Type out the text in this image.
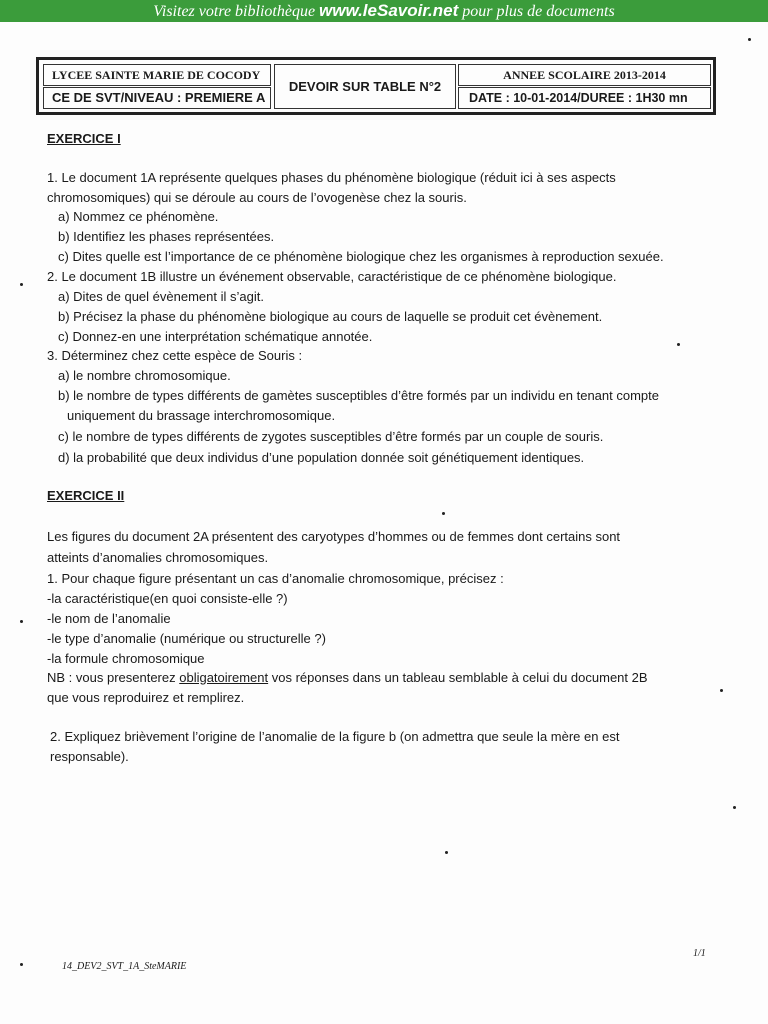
Visitez votre bibliothèque www.leSavoir.net pour plus de documents
LYCEE SAINTE MARIE DE COCODY
CE DE SVT/NIVEAU : PREMIERE A
DEVOIR SUR TABLE N°2
ANNEE SCOLAIRE 2013-2014
DATE : 10-01-2014/DUREE : 1H30 mn
EXERCICE I
1. Le document 1A représente quelques phases du phénomène biologique (réduit ici à ses aspects
chromosomiques) qui se déroule au cours de l’ovogenèse chez la souris.
a) Nommez ce phénomène.
b) Identifiez les phases représentées.
c) Dites quelle est l’importance de ce phénomène biologique chez les organismes à reproduction sexuée.
2. Le document 1B illustre un événement observable, caractéristique de ce phénomène biologique.
a) Dites de quel évènement il s’agit.
b) Précisez la phase du phénomène biologique au cours de laquelle se produit cet évènement.
c) Donnez-en une interprétation schématique annotée.
3. Déterminez chez cette espèce de Souris :
a) le nombre chromosomique.
b) le nombre de types différents de gamètes susceptibles d’être formés par un individu en tenant compte
uniquement du brassage interchromosomique.
c) le nombre de types différents de zygotes susceptibles d’être formés par un couple de souris.
d) la probabilité que deux individus d’une population donnée soit génétiquement identiques.
EXERCICE II
Les figures du document 2A présentent des caryotypes d’hommes ou de femmes dont certains sont
atteints d’anomalies chromosomiques.
1. Pour chaque figure présentant un cas d’anomalie chromosomique, précisez :
-la caractéristique(en quoi consiste-elle ?)
-le nom de l’anomalie
-le type d’anomalie (numérique ou structurelle ?)
-la formule chromosomique
NB : vous presenterez obligatoirement vos réponses dans un tableau semblable à celui du document 2B
que vous reproduirez et remplirez.
2. Expliquez brièvement l’origine de l’anomalie de la figure b (on admettra que seule la mère en est
responsable).
14_DEV2_SVT_1A_SteMARIE
1/1
